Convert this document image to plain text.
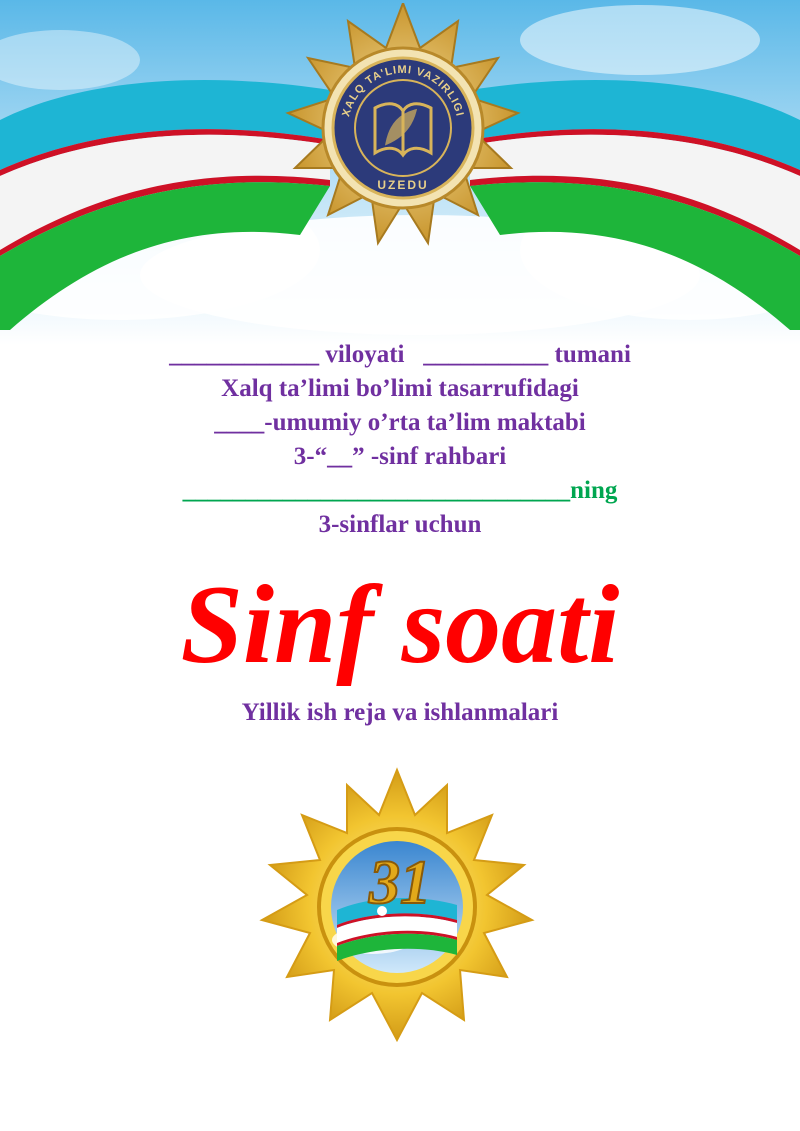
XALQ TA'LIMI VAZIRLIGI
UZEDU
____________ viloyati __________ tumani
Xalq ta’limi bo’limi tasarrufidagi
____-umumiy o’rta ta’lim maktabi
3-“__” -sinf rahbari
_______________________________ning
3-sinflar uchun
Sinf soati
Yillik ish reja va ishlanmalari
31
